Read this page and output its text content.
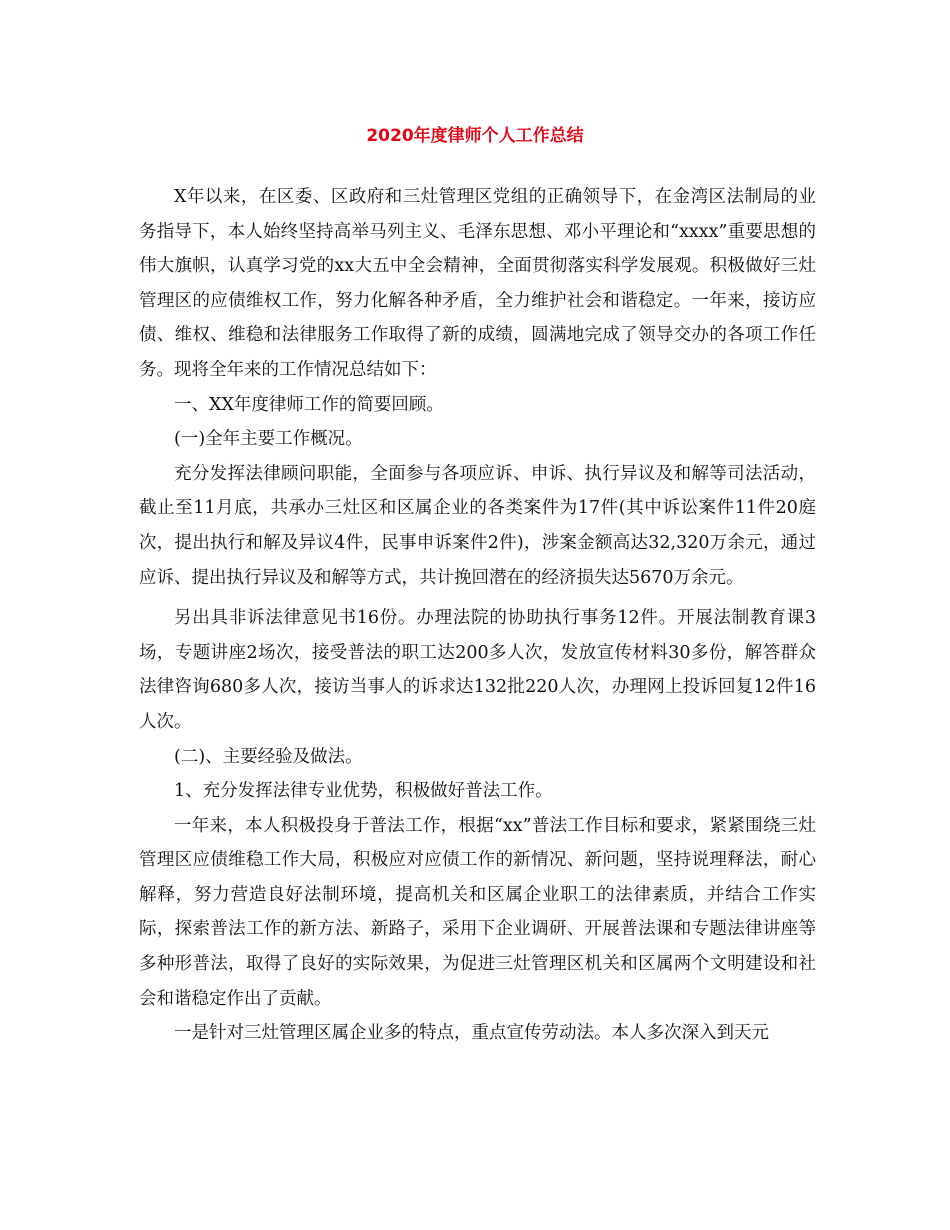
2020年度律师个人工作总结

X年以来，在区委、区政府和三灶管理区党组的正确领导下，在金湾区法制局的业务指导下，本人始终坚持高举马列主义、毛泽东思想、邓小平理论和“xxxx”重要思想的伟大旗帜，认真学习党的xx大五中全会精神，全面贯彻落实科学发展观。积极做好三灶管理区的应债维权工作，努力化解各种矛盾，全力维护社会和谐稳定。一年来，接访应债、维权、维稳和法律服务工作取得了新的成绩，圆满地完成了领导交办的各项工作任务。现将全年来的工作情况总结如下：

一、XX年度律师工作的简要回顾。

(一)全年主要工作概况。

充分发挥法律顾问职能，全面参与各项应诉、申诉、执行异议及和解等司法活动，截止至11月底，共承办三灶区和区属企业的各类案件为17件(其中诉讼案件11件20庭次，提出执行和解及异议4件，民事申诉案件2件)，涉案金额高达32,320万余元，通过应诉、提出执行异议及和解等方式，共计挽回潜在的经济损失达5670万余元。

另出具非诉法律意见书16份。办理法院的协助执行事务12件。开展法制教育课3场，专题讲座2场次，接受普法的职工达200多人次，发放宣传材料30多份，解答群众法律咨询680多人次，接访当事人的诉求达132批220人次，办理网上投诉回复12件16人次。

(二)、主要经验及做法。

1、充分发挥法律专业优势，积极做好普法工作。

一年来，本人积极投身于普法工作，根据“xx”普法工作目标和要求，紧紧围绕三灶管理区应债维稳工作大局，积极应对应债工作的新情况、新问题，坚持说理释法，耐心解释，努力营造良好法制环境，提高机关和区属企业职工的法律素质，并结合工作实际，探索普法工作的新方法、新路子，采用下企业调研、开展普法课和专题法律讲座等多种形普法，取得了良好的实际效果，为促进三灶管理区机关和区属两个文明建设和社会和谐稳定作出了贡献。

一是针对三灶管理区属企业多的特点，重点宣传劳动法。本人多次深入到天元
